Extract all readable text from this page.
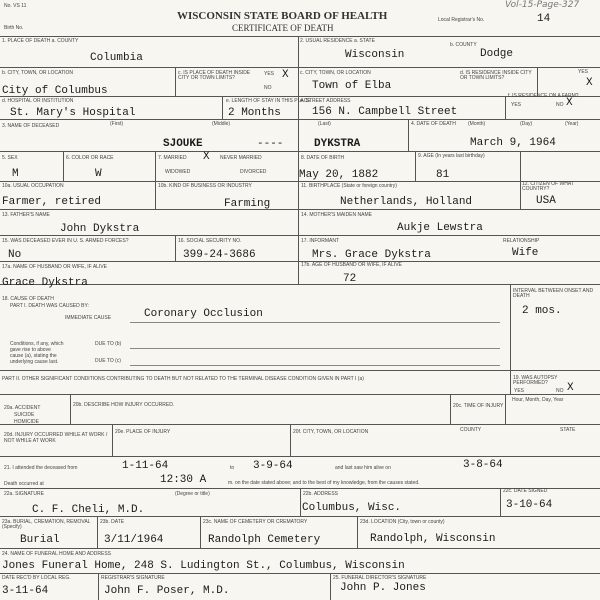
No. VS 11
Birth No.
WISCONSIN STATE BOARD OF HEALTH
CERTIFICATE OF DEATH
Vol-15-Page-327
Local Registrar's No.	14
1. PLACE OF DEATH a. COUNTY
Columbia
2. USUAL RESIDENCE a. STATE
Wisconsin
b. COUNTY
Dodge
b. CITY, TOWN, OR LOCATION
City of Columbus
c. IS PLACE OF DEATH INSIDE CITY OR TOWN LIMITS?
YES
NO
X c. CITY, TOWN, OR LOCATION
Town of Elba
d. IS RESIDENCE INSIDE CITY OR TOWN LIMITS?
YES
X
d. HOSPITAL OR INSTITUTION
St. Mary's Hospital
e. LENGTH OF STAY IN THIS PLACE
2 Months
e. STREET ADDRESS
156 N. Campbell Street
f. IS RESIDENCE ON A FARM?
YES	NO X
3. NAME OF DECEASED	(First)	(Middle)	(Last)
SJOUKE	----	DYKSTRA
4. DATE OF DEATH (Month)	(Day)	(Year)
March 9, 1964
5. SEX
M
6. COLOR OR RACE
W
7. MARRIED X NEVER MARRIED
WIDOWED	DIVORCED
8. DATE OF BIRTH
May 20, 1882
9. AGE (In years last birthday)
81
10a. USUAL OCCUPATION
Farmer, retired
10b. KIND OF BUSINESS OR INDUSTRY
Farming
11. BIRTHPLACE (State or foreign country)
Netherlands, Holland
12. CITIZEN OF WHAT COUNTRY?
USA
13. FATHER'S NAME
John Dykstra
14. MOTHER'S MAIDEN NAME
Aukje Lewstra
15. WAS DECEASED EVER IN U. S. ARMED FORCES?
No
16. SOCIAL SECURITY NO.
399-24-3686
17. INFORMANT
Mrs. Grace Dykstra
RELATIONSHIP
Wife
17a. NAME OF HUSBAND OR WIFE, IF ALIVE
Grace Dykstra
17b. AGE OF HUSBAND OR WIFE, IF ALIVE
72
18. CAUSE OF DEATH
PART I. DEATH WAS CAUSED BY:
IMMEDIATE CAUSE	Coronary Occlusion
INTERVAL BETWEEN ONSET AND DEATH
2 mos.
Conditions, if any, which gave rise to above cause (a), stating the underlying cause last.
DUE TO (b)
DUE TO (c)
PART II. OTHER SIGNIFICANT CONDITIONS CONTRIBUTING TO DEATH BUT NOT RELATED TO THE TERMINAL DISEASE CONDITION GIVEN IN PART I (a)	19. WAS AUTOPSY PERFORMED?
YES	NO X
20a. ACCIDENT
SUICIDE
HOMICIDE
20b. DESCRIBE HOW INJURY OCCURRED.	20c. TIME OF INJURY
Hour, Month, Day, Year
20d. INJURY OCCURRED WHILE AT WORK / NOT WHILE AT WORK
20e. PLACE OF INJURY	20f. CITY, TOWN, OR LOCATION	COUNTY	STATE
21. I attended the deceased from	1-11-64	to 3-9-64	and last saw him alive on	3-8-64
Death occurred at	12:30 A	m. on the date stated above; and to the best of my knowledge, from the causes stated.
22a. SIGNATURE	(Degree or title)
C. F. Cheli, M.D.
22b. ADDRESS
Columbus, Wisc.
22c. DATE SIGNED
3-10-64
23a. BURIAL, CREMATION, REMOVAL (Specify)
Burial
23b. DATE
3/11/1964
23c. NAME OF CEMETERY OR CREMATORY
Randolph Cemetery
23d. LOCATION (City, town or county)
Randolph, Wisconsin
24. NAME OF FUNERAL HOME AND ADDRESS
Jones Funeral Home, 248 S. Ludington St., Columbus, Wisconsin
DATE REC'D BY LOCAL REG.
3-11-64
REGISTRAR'S SIGNATURE
John F. Poser, M.D.
25. FUNERAL DIRECTOR'S SIGNATURE
John P. Jones
